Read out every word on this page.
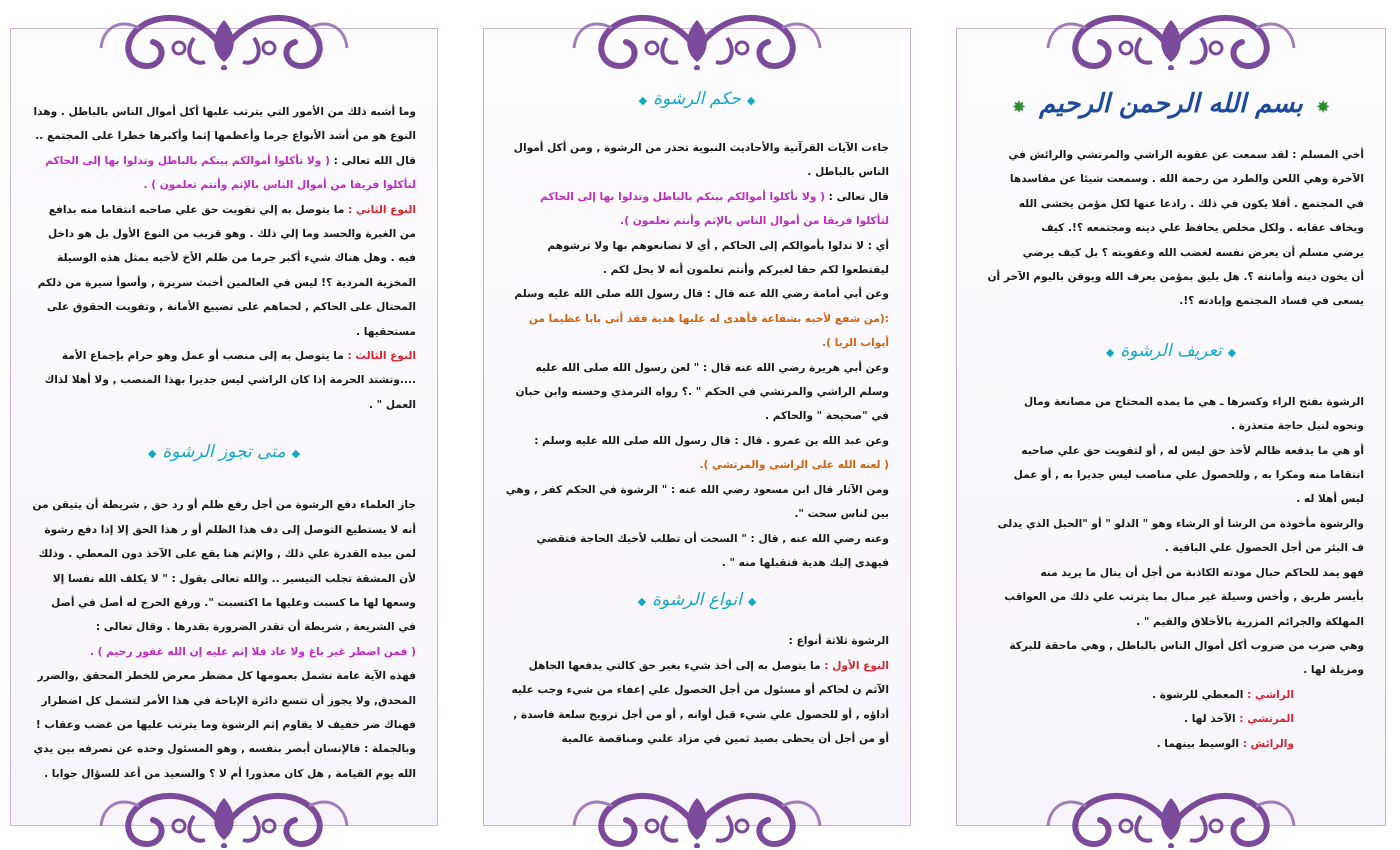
✸بسم الله الرحمن الرحيم✸
أخي المسلم : لقد سمعت عن عقوبة الراشي والمرتشي والرائش في
الآخرة وهي اللعن والطرد من رحمة الله . وسمعت شيئا عن مفاسدها
في المجتمع . أفلا يكون في ذلك . رادعا عنها لكل مؤمن يخشى الله
ويخاف عقابه . ولكل مخلص يحافظ علي دينه ومجتمعه ؟!. كيف
يرضي مسلم أن يعرض نفسه لغضب الله وعقوبته ؟ بل كيف يرضي
أن يخون دينه وأمانته ؟. هل يليق بمؤمن يعرف الله ويوقن باليوم الآخر أن
يسعى في فساد المجتمع وإبادته ؟!.
◆تعريف الرشوة◆
الرشوة بفتح الراء وكسرها ـ هي ما يمده المحتاج من مصانعة ومال
ونحوه لنيل حاجة متعذرة .
أو هي ما يدفعه ظالم لأخذ حق ليس له , أو لتفويت حق علي صاحبه
انتقاما منه ومكرا به , وللحصول علي مناصب ليس جديرا به , أو عمل
ليس أهلا له .
والرشوة مأخوذة من الرشا أو الرشاء وهو " الدلو " أو "الحبل الذي يدلى
ف البئر من أجل الحصول علي الباقية .
فهو يمد للحاكم حبال مودته الكاذبة من أجل أن ينال ما يريد منه
بأيسر طريق , وأخس وسيلة غير مبال بما يترتب علي ذلك من العواقب
المهلكة والجرائم المزرية بالأخلاق والقيم " .
وهي ضرب من ضروب أكل أموال الناس بالباطل , وهي ماحقة للبركة
ومزيلة لها .
الراشي : المعطي للرشوة .
المرتشي : الآخذ لها .
والرائش : الوسيط بينهما .
◆حكم الرشوة◆
جاءت الآيات القرآنية والأحاديث النبوية تحذر من الرشوة , ومن أكل أموال
الناس بالباطل .

قال تعالى : ( ولا تأكلوا أموالكم بينكم بالباطل وتدلوا بها إلى الحاكم لتأكلوا فريقا من أموال الناس بالإثم وأنتم تعلمون ).

أي : لا تدلوا بأموالكم إلى الحاكم , أي لا تصانعوهم بها ولا ترشوهم ليقتطعوا لكم حقا لغيركم وأنتم تعلمون أنه لا يحل لكم .

وعن أبي أمامة رضي الله عنه قال : قال رسول الله صلى الله عليه وسلم

:(من شفع لأخيه بشفاعة فأهدى له عليها هدية فقد أتى بابا عظيما من أبواب الربا ).

وعن أبي هريرة رضي الله عنه قال : " لعن رسول الله صلى الله عليه وسلم الراشي والمرتشي في الحكم " .؟ رواه الترمذي وحسنه وابن حبان في "صحيحة " والحاكم .

وعن عبد الله بن عمرو . قال : قال رسول الله صلى الله عليه وسلم :

( لعنه الله على الراشي والمرتشي ).

ومن الآثار قال ابن مسعود رضي الله عنه : " الرشوة في الحكم كفر , وهي بين لناس سحت ".

وعنه رضي الله عنه , قال : " السحت أن تطلب لأخيك الحاجة فتقضي فيهدى إليك هدية فتقبلها منه " .

◆انواع الرشوة◆

الرشوة ثلاثة أنواع :

النوع الأول : ما يتوصل به إلى أخذ شيء بغير حق كالتي يدفعها الجاهل الآثم ن لحاكم أو مسئول من أجل الحصول علي إعفاء من شيء وجب عليه أداؤه , أو للحصول علي شيء قبل أوانه , أو من أجل ترويج سلعة فاسدة , أو من أجل أن يحظى بصيد ثمين في مزاد علني ومناقصة عالمية

وما أشبه ذلك من الأمور التي يترتب عليها أكل أموال الناس بالباطل . وهذا النوع هو من أشد الأنواع جرما وأعظمها إثما وأكبرها خطرا على المجتمع .. قال الله تعالى : ( ولا تأكلوا أموالكم بينكم بالباطل وتدلوا بها إلى الحاكم لتأكلوا فريقا من أموال الناس بالإثم وأنتم تعلمون ) .

النوع الثاني : ما يتوصل به إلي تفويت حق علي صاحبه انتقاما منه بدافع من الغيرة والحسد وما إلي ذلك . وهو قريب من النوع الأول بل هو داخل فيه . وهل هناك شيء أكبر جرما من ظلم الأخ لأخيه بمثل هذه الوسيلة المخزية المردية ؟! ليس في العالمين أخبث سريرة , وأسوأ سيرة من ذلكم المحتال على الحاكم , لحماهم على تضييع الأمانة , وتفويت الحقوق على مستحقيها .

النوع الثالث : ما يتوصل به إلى منصب أو عمل وهو حرام بإجماع الأمة ....وتشتد الحرمة إذا كان الراشي ليس جديرا بهذا المنصب , ولا أهلا لذاك العمل " .

◆متى تجوز الرشوة◆

جاز العلماء دفع الرشوة من أجل رفع ظلم أو رد حق , شريطة أن يتيقن من أنه لا يستطيع التوصل إلى دف هذا الظلم أو ر هذا الحق إلا إذا دفع رشوة لمن بيده القدرة علي ذلك , والإثم هنا يقع على الآخذ دون المعطي . وذلك لأن المشقة تجلب التيسير .. والله تعالى يقول : " لا يكلف الله نفسا إلا وسعها لها ما كسبت وعليها ما اكتسبت ". ورفع الحرج له أصل في أصل في الشريعة , شريطة أن تقدر الضرورة بقدرها . وقال تعالى :

( فمن اضطر غير باغ ولا عاد فلا إثم عليه إن الله غفور رحيم ) .

فهذه الآية عامة تشمل بعمومها كل مضطر معرض للخطر المحقق ,والضرر المحدق, ولا يجوز أن تتسع دائرة الإباحة في هذا الأمر لتشمل كل اضطرار فهناك ضر خفيف لا يقاوم إثم الرشوة وما يترتب عليها من غضب وعقاب ! وبالجملة : فالإنسان أبصر بنفسه , وهو المسئول وحده عن تصرفه بين يدي الله يوم القيامة , هل كان معذورا أم لا ؟ والسعيد من أعد للسؤال جوابا .
